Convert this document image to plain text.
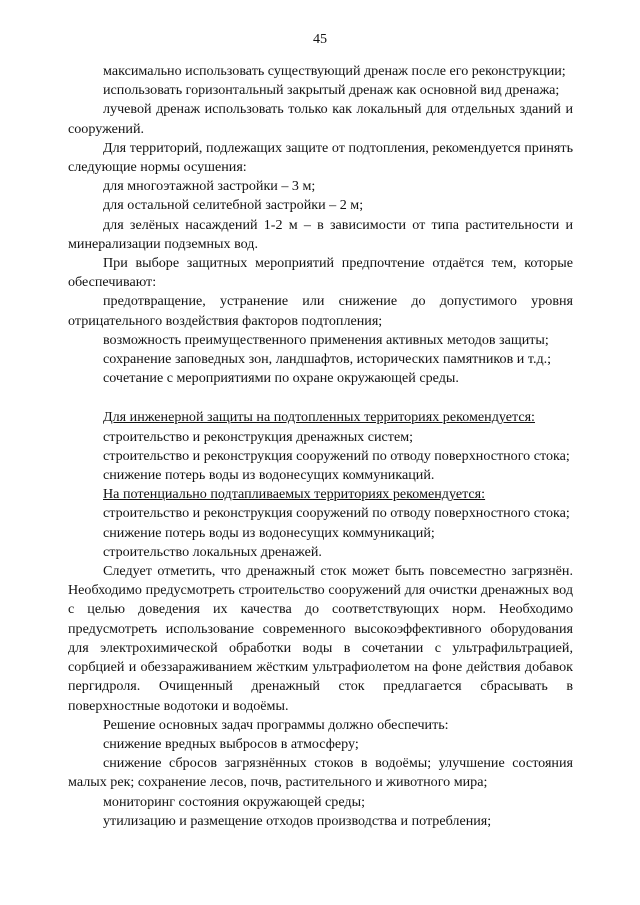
45

максимально использовать существующий дренаж после его реконструкции;

использовать горизонтальный закрытый дренаж как основной вид дренажа;

лучевой дренаж использовать только как локальный для отдельных зданий и сооружений.

Для территорий, подлежащих защите от подтопления, рекомендуется принять следующие нормы осушения:

для многоэтажной застройки – 3 м;

для остальной селитебной застройки – 2 м;

для зелёных насаждений 1-2 м – в зависимости от типа растительности и минерализации подземных вод.

При выборе защитных мероприятий предпочтение отдаётся тем, которые обеспечивают:

предотвращение, устранение или снижение до допустимого уровня отрицательного воздействия факторов подтопления;

возможность преимущественного применения активных методов защиты;

сохранение заповедных зон, ландшафтов, исторических памятников и т.д.;

сочетание с мероприятиями по охране окружающей среды.

Для инженерной защиты на подтопленных территориях рекомендуется:

строительство и реконструкция дренажных систем;

строительство и реконструкция сооружений по отводу поверхностного стока;

снижение потерь воды из водонесущих коммуникаций.

На потенциально подтапливаемых территориях рекомендуется:

строительство и реконструкция сооружений по отводу поверхностного стока;

снижение потерь воды из водонесущих коммуникаций;

строительство локальных дренажей.

Следует отметить, что дренажный сток может быть повсеместно загрязнён. Необходимо предусмотреть строительство сооружений для очистки дренажных вод с целью доведения их качества до соответствующих норм. Необходимо предусмотреть использование современного высокоэффективного оборудования для электрохимической обработки воды в сочетании с ультрафильтрацией, сорбцией и обеззараживанием жёстким ультрафиолетом на фоне действия добавок пергидроля. Очищенный дренажный сток предлагается сбрасывать в поверхностные водотоки и водоёмы.

Решение основных задач программы должно обеспечить:

снижение вредных выбросов в атмосферу;

снижение сбросов загрязнённых стоков в водоёмы; улучшение состояния малых рек; сохранение лесов, почв, растительного и животного мира;

мониторинг состояния окружающей среды;

утилизацию и размещение отходов производства и потребления;
